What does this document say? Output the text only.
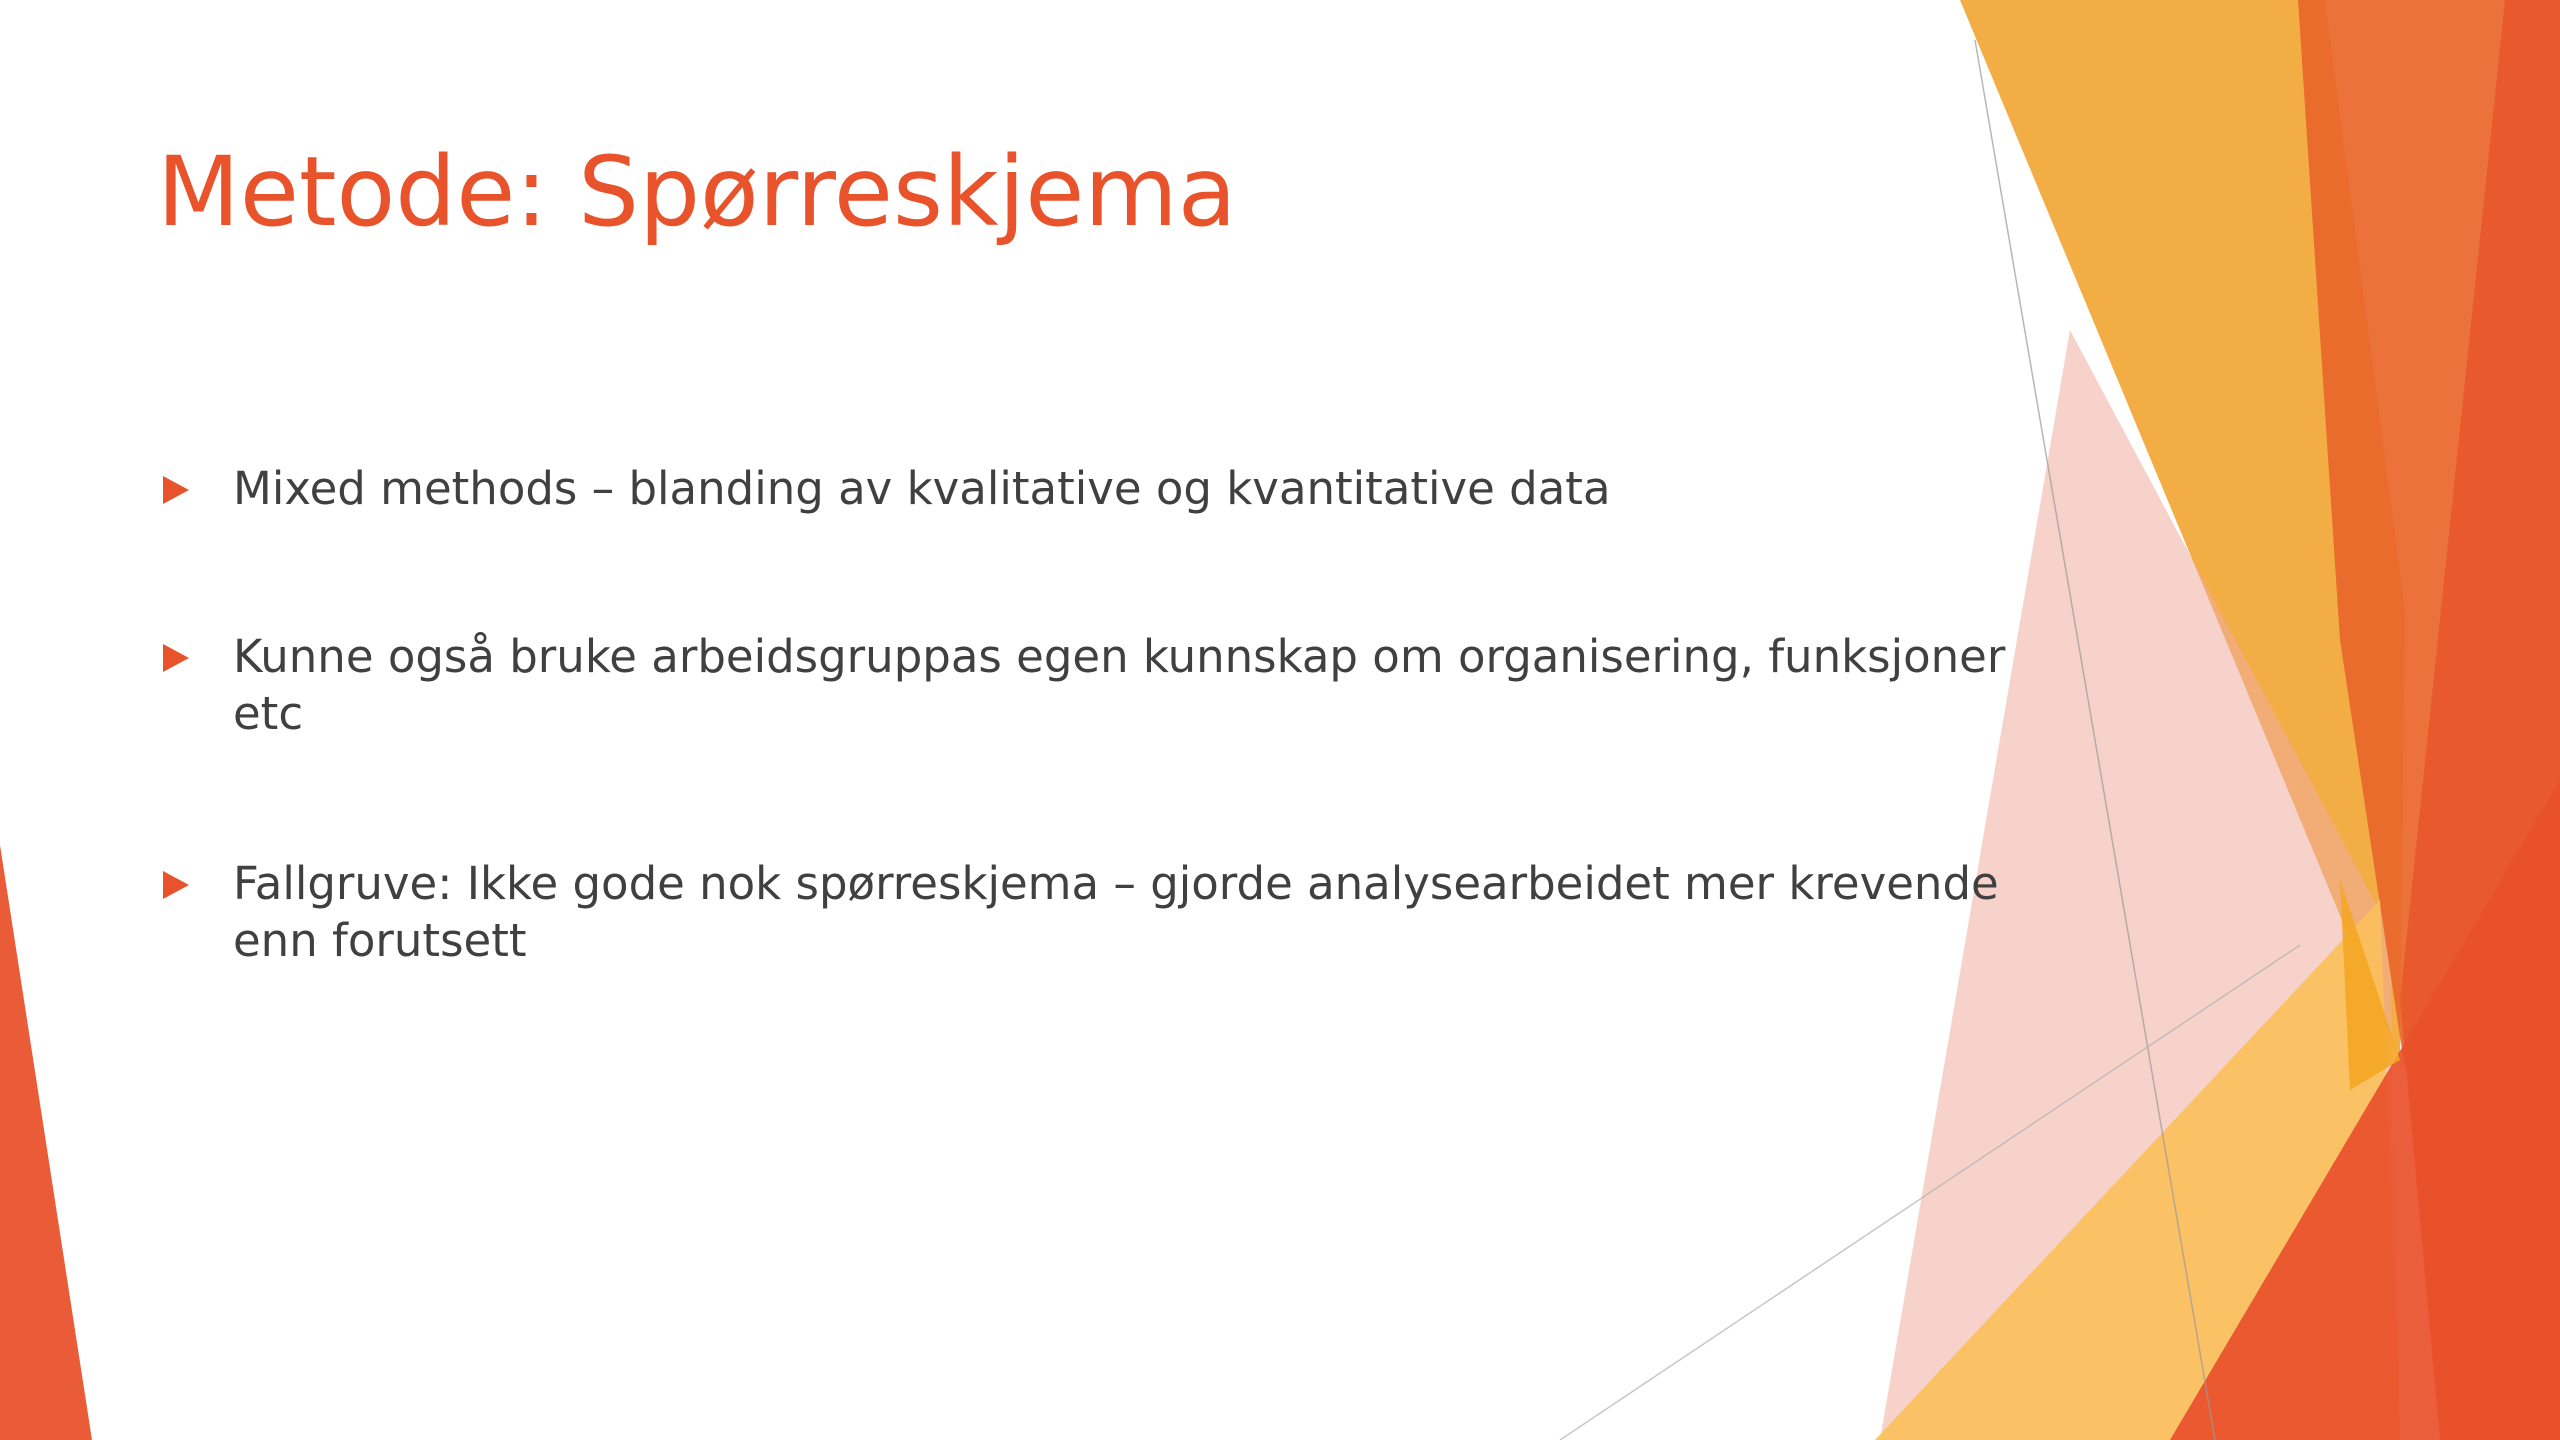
Metode: Spørreskjema
Mixed methods – blanding av kvalitative og kvantitative data
Kunne også bruke arbeidsgruppas egen kunnskap om organisering, funksjoner etc
Fallgruve: Ikke gode nok spørreskjema – gjorde analysearbeidet mer krevende enn forutsett
